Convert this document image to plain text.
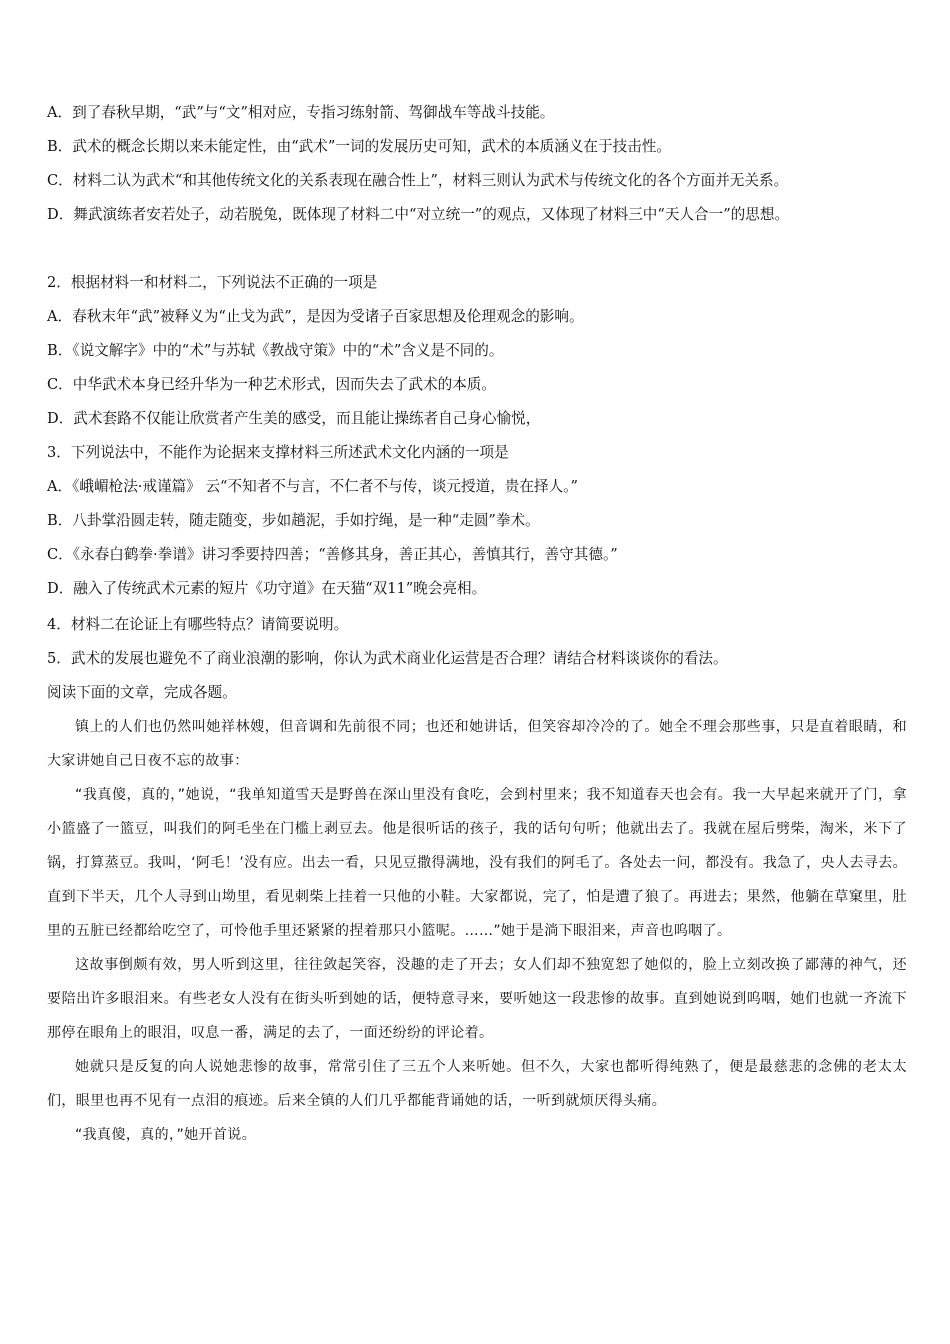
A．到了春秋早期，“武”与“文”相对应，专指习练射箭、驾御战车等战斗技能。
B．武术的概念长期以来未能定性，由“武术”一词的发展历史可知，武术的本质涵义在于技击性。
C．材料二认为武术“和其他传统文化的关系表现在融合性上”，材料三则认为武术与传统文化的各个方面并无关系。
D．舞武演练者安若处子，动若脱兔，既体现了材料二中“对立统一”的观点，又体现了材料三中“天人合一”的思想。
2．根据材料一和材料二，下列说法不正确的一项是
A．春秋末年“武”被释义为“止戈为武”，是因为受诸子百家思想及伦理观念的影响。
B．《说文解字》中的“术”与苏轼《教战守策》中的“术”含义是不同的。
C．中华武术本身已经升华为一种艺术形式，因而失去了武术的本质。
D．武术套路不仅能让欣赏者产生美的感受，而且能让操练者自己身心愉悦，
3．下列说法中，不能作为论据来支撑材料三所述武术文化内涵的一项是
A．《峨嵋枪法·戒谨篇》 云“不知者不与言，不仁者不与传，谈元授道，贵在择人。”
B．八卦掌沿圆走转，随走随变，步如趟泥，手如拧绳，是一种“走圆”拳术。
C．《永春白鹤拳·拳谱》讲习季要持四善；“善修其身，善正其心，善慎其行，善守其德。”
D．融入了传统武术元素的短片《功守道》在天猫“双11”晚会亮相。
4．材料二在论证上有哪些特点？请简要说明。
5．武术的发展也避免不了商业浪潮的影响，你认为武术商业化运营是否合理？请结合材料谈谈你的看法。
阅读下面的文章，完成各题。

镇上的人们也仍然叫她祥林嫂，但音调和先前很不同；也还和她讲话，但笑容却冷冷的了。她全不理会那些事，只是直着眼睛，和大家讲她自己日夜不忘的故事：

“我真傻，真的，”她说，“我单知道雪天是野兽在深山里没有食吃，会到村里来；我不知道春天也会有。我一大早起来就开了门，拿小篮盛了一篮豆，叫我们的阿毛坐在门槛上剥豆去。他是很听话的孩子，我的话句句听；他就出去了。我就在屋后劈柴，淘米，米下了锅，打算蒸豆。我叫，‘阿毛！’没有应。出去一看，只见豆撒得满地，没有我们的阿毛了。各处去一问，都没有。我急了，央人去寻去。直到下半天，几个人寻到山坳里，看见刺柴上挂着一只他的小鞋。大家都说，完了，怕是遭了狼了。再进去；果然，他躺在草窠里，肚里的五脏已经都给吃空了，可怜他手里还紧紧的捏着那只小篮呢。……”她于是淌下眼泪来，声音也呜咽了。

这故事倒颇有效，男人听到这里，往往敛起笑容，没趣的走了开去；女人们却不独宽恕了她似的，脸上立刻改换了鄙薄的神气，还要陪出许多眼泪来。有些老女人没有在街头听到她的话，便特意寻来，要听她这一段悲惨的故事。直到她说到呜咽，她们也就一齐流下那停在眼角上的眼泪，叹息一番，满足的去了，一面还纷纷的评论着。

她就只是反复的向人说她悲惨的故事，常常引住了三五个人来听她。但不久，大家也都听得纯熟了，便是最慈悲的念佛的老太太们，眼里也再不见有一点泪的痕迹。后来全镇的人们几乎都能背诵她的话，一听到就烦厌得头痛。

“我真傻，真的，”她开首说。
